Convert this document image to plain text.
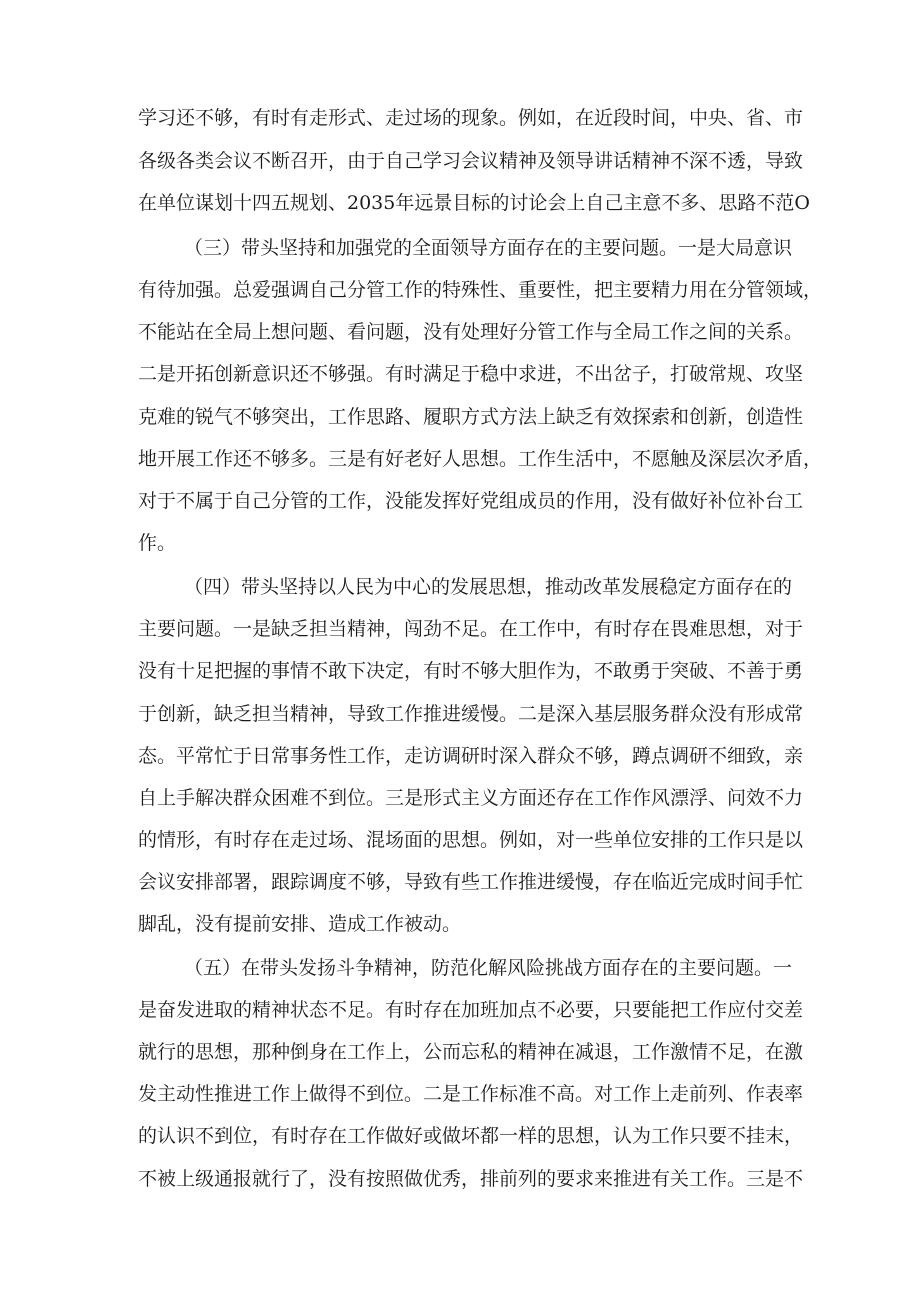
学习还不够，有时有走形式、走过场的现象。例如，在近段时间，中央、省、市
各级各类会议不断召开，由于自己学习会议精神及领导讲话精神不深不透，导致
在单位谋划十四五规划、2035年远景目标的讨论会上自己主意不多、思路不范O
（三）带头坚持和加强党的全面领导方面存在的主要问题。一是大局意识
有待加强。总爱强调自己分管工作的特殊性、重要性，把主要精力用在分管领域，
不能站在全局上想问题、看问题，没有处理好分管工作与全局工作之间的关系。
二是开拓创新意识还不够强。有时满足于稳中求进，不出岔子，打破常规、攻坚
克难的锐气不够突出，工作思路、履职方式方法上缺乏有效探索和创新，创造性
地开展工作还不够多。三是有好老好人思想。工作生活中，不愿触及深层次矛盾，
对于不属于自己分管的工作，没能发挥好党组成员的作用，没有做好补位补台工
作。
（四）带头坚持以人民为中心的发展思想，推动改革发展稳定方面存在的
主要问题。一是缺乏担当精神，闯劲不足。在工作中，有时存在畏难思想，对于
没有十足把握的事情不敢下决定，有时不够大胆作为，不敢勇于突破、不善于勇
于创新，缺乏担当精神，导致工作推进缓慢。二是深入基层服务群众没有形成常
态。平常忙于日常事务性工作，走访调研时深入群众不够，蹲点调研不细致，亲
自上手解决群众困难不到位。三是形式主义方面还存在工作作风漂浮、问效不力
的情形，有时存在走过场、混场面的思想。例如，对一些单位安排的工作只是以
会议安排部署，跟踪调度不够，导致有些工作推进缓慢，存在临近完成时间手忙
脚乱，没有提前安排、造成工作被动。
（五）在带头发扬斗争精神，防范化解风险挑战方面存在的主要问题。一
是奋发进取的精神状态不足。有时存在加班加点不必要，只要能把工作应付交差
就行的思想，那种倒身在工作上，公而忘私的精神在减退，工作激情不足，在激
发主动性推进工作上做得不到位。二是工作标准不高。对工作上走前列、作表率
的认识不到位，有时存在工作做好或做坏都一样的思想，认为工作只要不挂末，
不被上级通报就行了，没有按照做优秀，排前列的要求来推进有关工作。三是不
